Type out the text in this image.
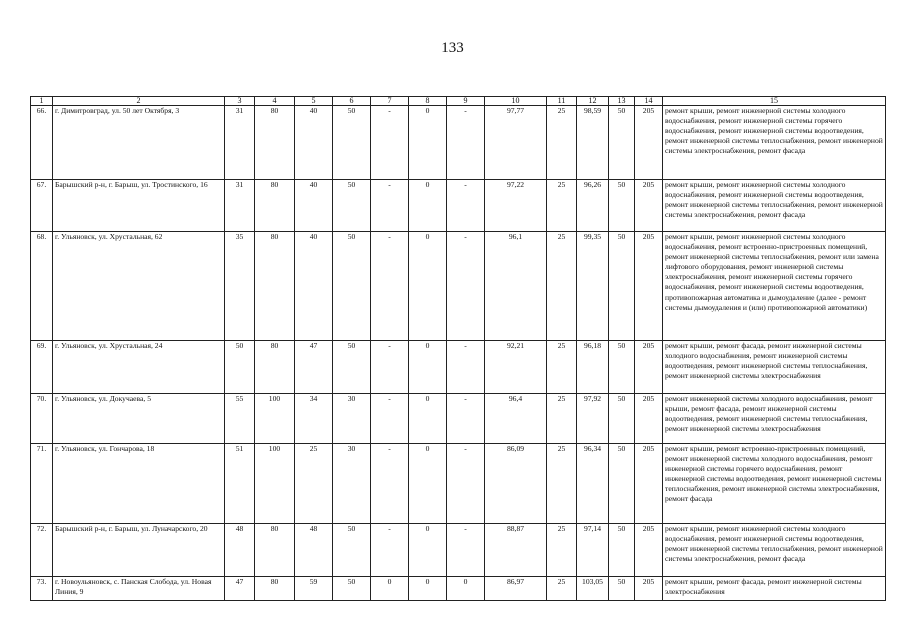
133
1	2	3	4	5	6	7	8	9	10	11	12	13	14	15
66.	г. Димитровград, ул. 50 лет Октября, 3	31	80	40	50	-	0	-	97,77	25	98,59	50	205	ремонт крыши, ремонт инженерной системы холодного водоснабжения, ремонт инженерной системы горячего водоснабжения, ремонт инженерной системы водоотведения, ремонт инженерной системы теплоснабжения, ремонт инженерной системы электроснабжения, ремонт фасада
67.	Барышский р-н, г. Барыш, ул. Тростинского, 16	31	80	40	50	-	0	-	97,22	25	96,26	50	205	ремонт крыши, ремонт инженерной системы холодного водоснабжения, ремонт инженерной системы водоотведения, ремонт инженерной системы теплоснабжения, ремонт инженерной системы электроснабжения, ремонт фасада
68.	г. Ульяновск, ул. Хрустальная, 62	35	80	40	50	-	0	-	96,1	25	99,35	50	205	ремонт крыши, ремонт инженерной системы холодного водоснабжения, ремонт встроенно-пристроенных помещений, ремонт инженерной системы теплоснабжения, ремонт или замена лифтового оборудования, ремонт инженерной системы электроснабжения, ремонт инженерной системы горячего водоснабжения, ремонт инженерной системы водоотведения, противопожарная автоматика и дымоудаление (далее - ремонт системы дымоудаления и (или) противопожарной автоматики)
69.	г. Ульяновск, ул. Хрустальная, 24	50	80	47	50	-	0	-	92,21	25	96,18	50	205	ремонт крыши, ремонт фасада, ремонт инженерной системы холодного водоснабжения, ремонт инженерной системы водоотведения, ремонт инженерной системы теплоснабжения, ремонт инженерной системы электроснабжения
70.	г. Ульяновск, ул. Докучаева, 5	55	100	34	30	-	0	-	96,4	25	97,92	50	205	ремонт инженерной системы холодного водоснабжения, ремонт крыши, ремонт фасада, ремонт инженерной системы водоотведения, ремонт инженерной системы теплоснабжения, ремонт инженерной системы электроснабжения
71.	г. Ульяновск, ул. Гончарова, 18	51	100	25	30	-	0	-	86,09	25	96,34	50	205	ремонт крыши, ремонт встроенно-пристроенных помещений, ремонт инженерной системы холодного водоснабжения, ремонт инженерной системы горячего водоснабжения, ремонт инженерной системы водоотведения, ремонт инженерной системы теплоснабжения, ремонт инженерной системы электроснабжения, ремонт фасада
72.	Барышский р-н, г. Барыш, ул. Луначарского, 20	48	80	48	50	-	0	-	88,87	25	97,14	50	205	ремонт крыши, ремонт инженерной системы холодного водоснабжения, ремонт инженерной системы водоотведения, ремонт инженерной системы теплоснабжения, ремонт инженерной системы электроснабжения, ремонт фасада
73.	г. Новоульяновск, с. Панская Слобода, ул. Новая Линия, 9	47	80	59	50	0	0	0	86,97	25	103,05	50	205	ремонт крыши, ремонт фасада, ремонт инженерной системы электроснабжения
